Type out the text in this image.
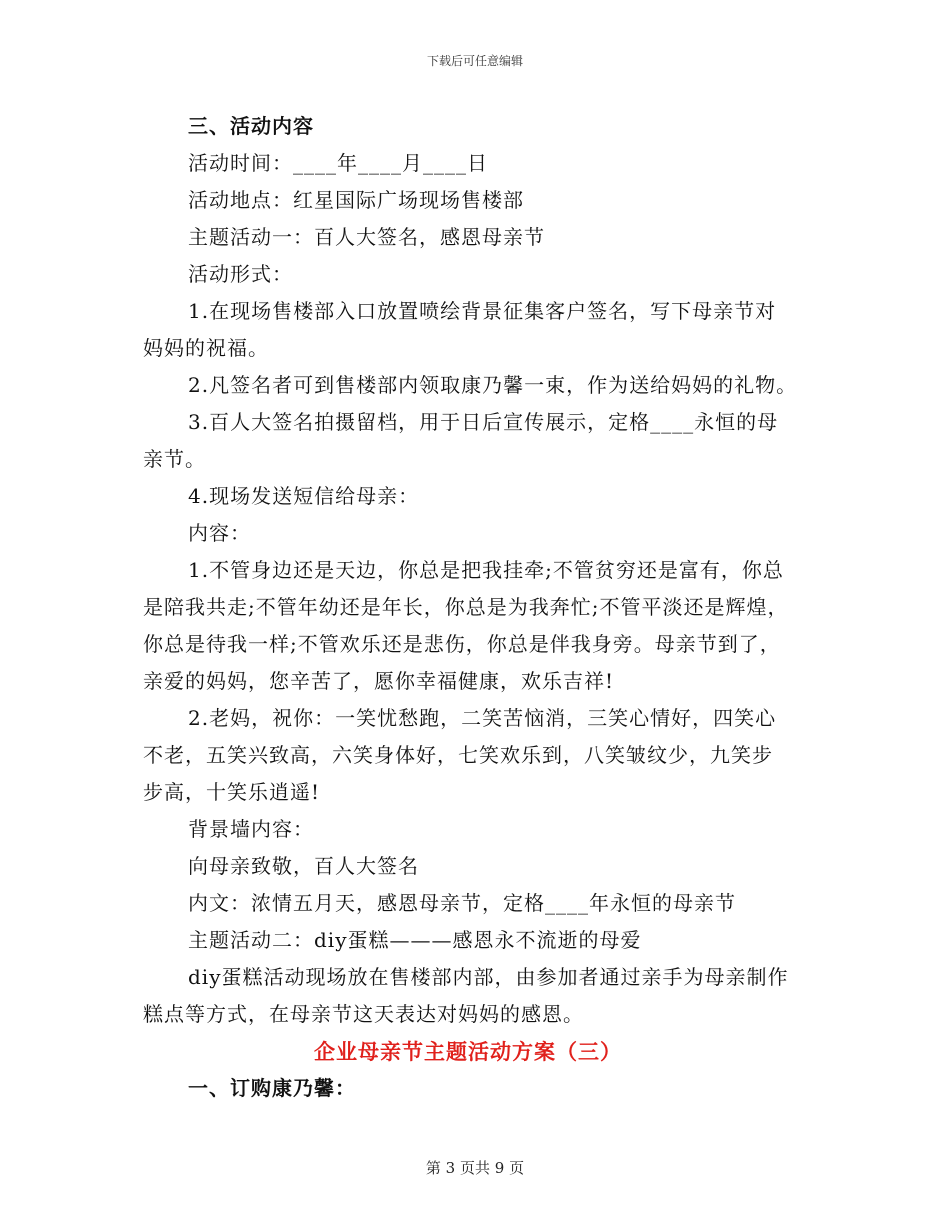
下载后可任意编辑
三、活动内容
活动时间：____年____月____日
活动地点：红星国际广场现场售楼部
主题活动一：百人大签名，感恩母亲节
活动形式：
1.在现场售楼部入口放置喷绘背景征集客户签名，写下母亲节对
妈妈的祝福。
2.凡签名者可到售楼部内领取康乃馨一束，作为送给妈妈的礼物。
3.百人大签名拍摄留档，用于日后宣传展示，定格____永恒的母
亲节。
4.现场发送短信给母亲：
内容：
1.不管身边还是天边，你总是把我挂牵;不管贫穷还是富有，你总
是陪我共走;不管年幼还是年长，你总是为我奔忙;不管平淡还是辉煌，
你总是待我一样;不管欢乐还是悲伤，你总是伴我身旁。母亲节到了，
亲爱的妈妈，您辛苦了，愿你幸福健康，欢乐吉祥!
2.老妈，祝你：一笑忧愁跑，二笑苦恼消，三笑心情好，四笑心
不老，五笑兴致高，六笑身体好，七笑欢乐到，八笑皱纹少，九笑步
步高，十笑乐逍遥!
背景墙内容：
向母亲致敬，百人大签名
内文：浓情五月天，感恩母亲节，定格____年永恒的母亲节
主题活动二：diy蛋糕———感恩永不流逝的母爱
diy蛋糕活动现场放在售楼部内部，由参加者通过亲手为母亲制作
糕点等方式，在母亲节这天表达对妈妈的感恩。
企业母亲节主题活动方案（三）
一、订购康乃馨：
第 3 页共 9 页
